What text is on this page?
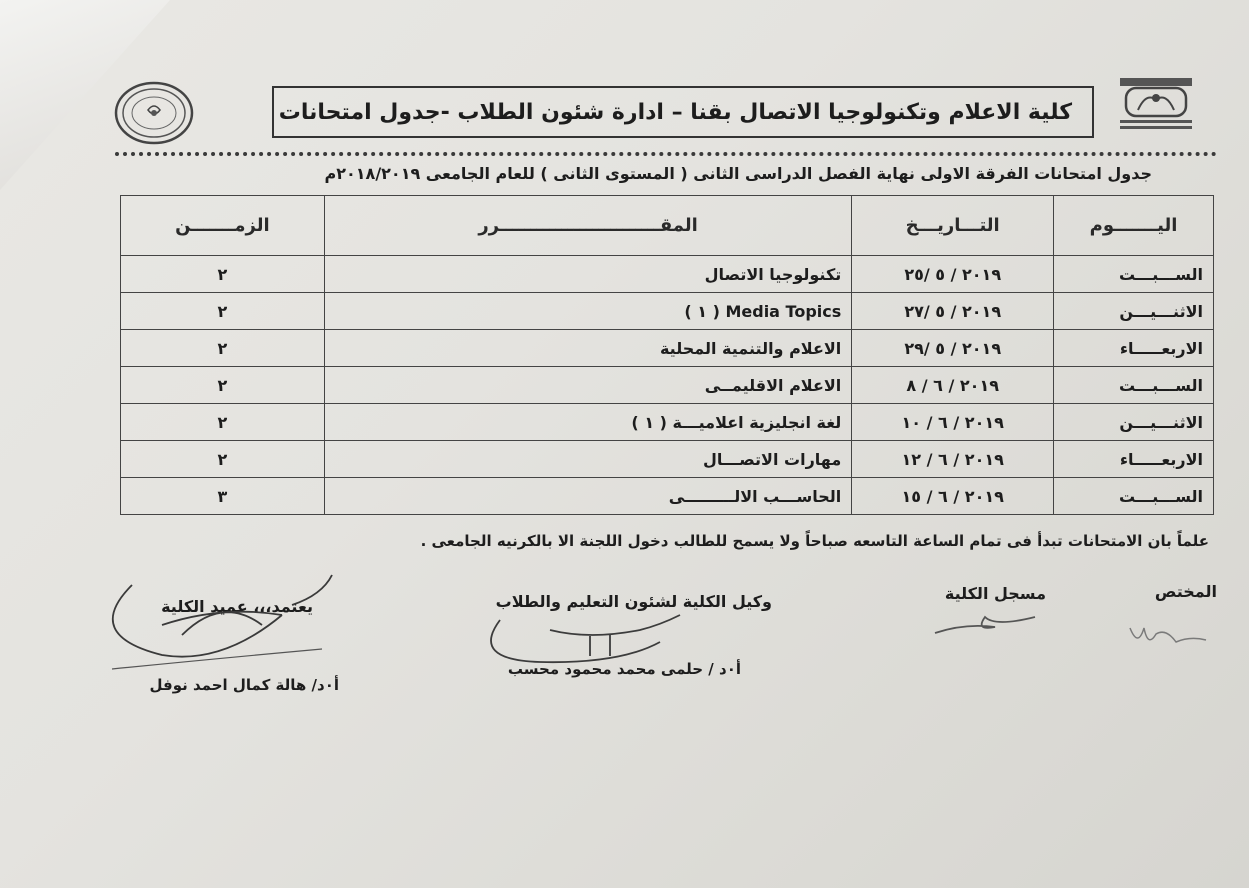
كلية الاعلام وتكنولوجيا الاتصال بقنا – ادارة شئون الطلاب -جدول امتحانات
جدول امتحانات الفرقة الاولى نهاية الفصل الدراسى الثانى ( المستوى الثانى ) للعام الجامعى ٢٠١٨/٢٠١٩م
اليـــــــوم	التـــاريـــخ	المقــــــــــــــــــــــــــرر	الزمـــــــن
الســـبـــت	٢٠١٩ / ٥ /٢٥	تكنولوجيا الاتصال	٢
الاثنـــيـــن	٢٠١٩ / ٥ /٢٧	Media Topics ( ١ )	٢
الاربعـــــاء	٢٠١٩ / ٥ /٢٩	الاعلام والتنمية المحلية	٢
الســـبـــت	٢٠١٩ / ٦ / ٨	الاعلام الاقليمــى	٢
الاثنـــيـــن	٢٠١٩ / ٦ / ١٠	لغة انجليزية اعلاميـــة ( ١ )	٢
الاربعـــــاء	٢٠١٩ / ٦ / ١٢	مهارات الاتصـــال	٢
الســـبـــت	٢٠١٩ / ٦ / ١٥	الحاســـب الالـــــــــى	٣
علماً بان الامتحانات تبدأ فى تمام الساعة التاسعه صباحاً ولا يسمح للطالب دخول اللجنة الا بالكرنيه الجامعى .
المختص
مسجل الكلية
وكيل الكلية لشئون التعليم والطلاب
أ٠د / حلمى محمد محمود محسب
يعتمد،،، عميد الكلية
أ٠د/ هالة كمال احمد نوفل
